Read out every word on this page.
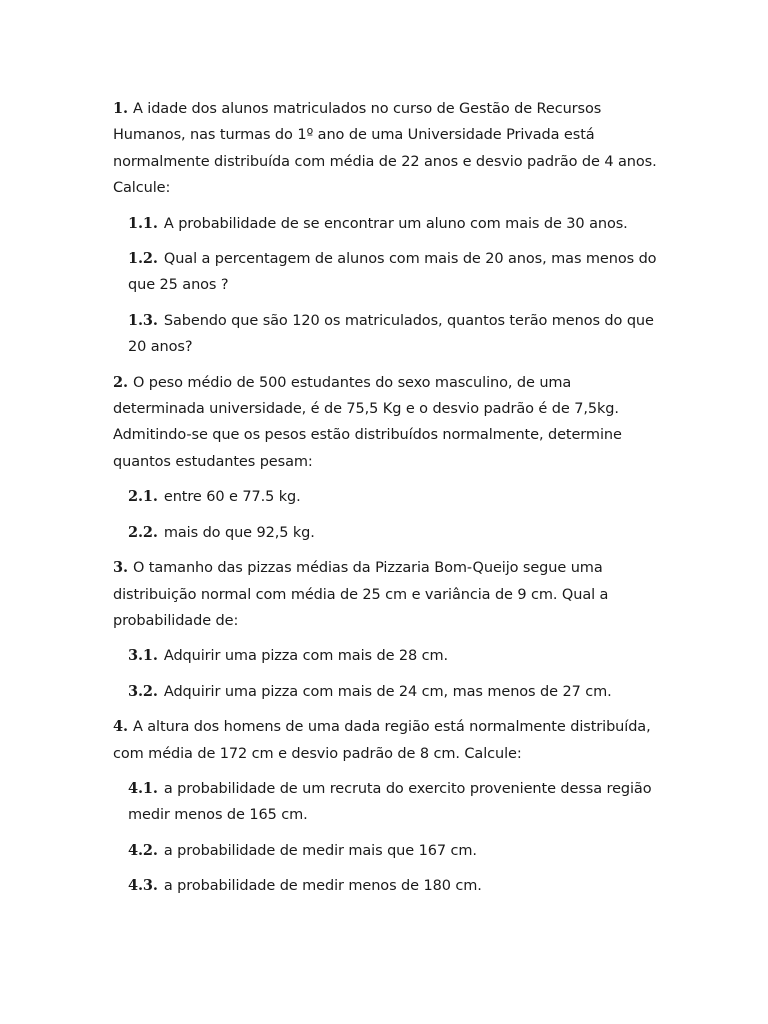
1. A idade dos alunos matriculados no curso de Gestão de Recursos Humanos, nas turmas do 1º ano de uma Universidade Privada está normalmente distribuída com média de 22 anos e desvio padrão de 4 anos. Calcule:

1.1. A probabilidade de se encontrar um aluno com mais de 30 anos.

1.2. Qual a percentagem de alunos com mais de 20 anos, mas menos do que 25 anos ?

1.3. Sabendo que são 120 os matriculados, quantos terão menos do que 20 anos?

2. O peso médio de 500 estudantes do sexo masculino, de uma determinada universidade, é de 75,5 Kg e o desvio padrão é de 7,5kg. Admitindo-se que os pesos estão distribuídos normalmente, determine quantos estudantes pesam:

2.1. entre 60 e 77.5 kg.

2.2. mais do que 92,5 kg.

3. O tamanho das pizzas médias da Pizzaria Bom-Queijo segue uma distribuição normal com média de 25 cm e variância de 9 cm. Qual a probabilidade de:

3.1. Adquirir uma pizza com mais de 28 cm.

3.2. Adquirir uma pizza com mais de 24 cm, mas menos de 27 cm.

4. A altura dos homens de uma dada região está normalmente distribuída, com média de 172 cm e desvio padrão de 8 cm. Calcule:

4.1. a probabilidade de um recruta do exercito proveniente dessa região medir menos de 165 cm.

4.2. a probabilidade de medir mais que 167 cm.

4.3. a probabilidade de medir menos de 180 cm.
